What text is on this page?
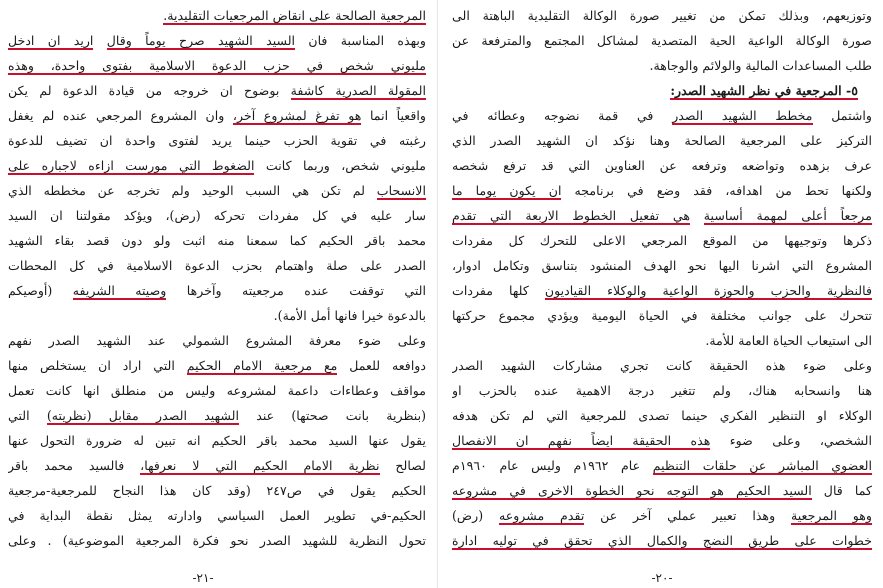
المرجعية الصالحة على انقاض المرجعيات التقليدية.
وبهذه المناسبة فان السيد الشهيد صرح يوماً وقال اريد ان ادخل
مليوني شخص في حزب الدعوة الاسلامية بفتوى واحدة، وهذه
المقولة الصدرية كاشفة بوضوح ان خروجه من قيادة الدعوة لم يكن
واقعياً انما هو تفرغ لمشروع آخر، وان المشروع المرجعي عنده لم يغفل
رغبته في تقوية الحزب حينما يريد لفتوى واحدة ان تضيف للدعوة
مليوني شخص، وربما كانت الضغوط التي مورست ازاءه لاجباره على
الانسحاب لم تكن هي السبب الوحيد ولم تخرجه عن مخططه الذي
سار عليه في كل مفردات تحركه (رض)، ويؤكد مقولتنا ان السيد
محمد باقر الحكيم كما سمعنا منه اثبت ولو دون قصد بقاء الشهيد
الصدر على صلة واهتمام بحزب الدعوة الاسلامية في كل المحطات
التي توقفت عنده مرجعيته وآخرها وصيته الشريفه (أوصيكم
بالدعوة خيرا فانها أمل الأمة).
وعلى ضوء معرفة المشروع الشمولي عند الشهيد الصدر نفهم
دوافعه للعمل مع مرجعية الامام الحكيم التي اراد ان يستخلص منها
مواقف وعطاءات داعمة لمشروعه وليس من منطلق انها كانت تعمل
(بنظرية بانت صحتها) عند الشهيد الصدر مقابل (نظريته) التي
يقول عنها السيد محمد باقر الحكيم انه تبين له ضرورة التحول عنها
لصالح نظرية الامام الحكيم التي لا نعرفها، فالسيد محمد باقر
الحكيم يقول في ص٢٤٧ (وقد كان هذا النجاح للمرجعية-مرجعية
الحكيم-في تطوير العمل السياسي وادارته يمثل نقطة البداية في
تحول النظرية للشهيد الصدر نحو فكرة المرجعية الموضوعية) . وعلى
-٢١-
وتوزيعهم، وبذلك تمكن من تغيير صورة الوكالة التقليدية الباهتة الى
صورة الوكالة الواعية الحية المتصدية لمشاكل المجتمع والمترفعة عن
طلب المساعدات المالية والولائم والوجاهة.
٥- المرجعية في نظر الشهيد الصدر:
واشتمل مخطط الشهيد الصدر في قمة نضوجه وعطائه في
التركيز على المرجعية الصالحة وهنا نؤكد ان الشهيد الصدر الذي
عرف بزهده وتواضعه وترفعه عن العناوين التي قد ترفع شخصه
ولكنها تحط من اهدافه، فقد وضع في برنامجه ان يكون يوما ما
مرجعاً أعلى لمهمة أساسية هي تفعيل الخطوط الاربعة التي تقدم
ذكرها وتوجيهها من الموقع المرجعي الاعلى للتحرك كل مفردات
المشروع التي اشرنا اليها نحو الهدف المنشود بتناسق وتكامل ادوار،
فالنظرية والحزب والحوزة الواعية والوكلاء القياديون كلها مفردات
تتحرك على جوانب مختلفة في الحياة اليومية ويؤدي مجموع حركتها
الى استيعاب الحياة العامة للأمة.
وعلى ضوء هذه الحقيقة كانت تجري مشاركات الشهيد الصدر
هنا وانسحابه هناك، ولم تتغير درجة الاهمية عنده بالحزب او
الوكلاء او التنظير الفكري حينما تصدى للمرجعية التي لم تكن هدفه
الشخصي، وعلى ضوء هذه الحقيقة ايضاً نفهم ان الانفصال
العضوي المباشر عن حلقات التنظيم عام ١٩٦٢م وليس عام ١٩٦٠م
كما قال السيد الحكيم هو التوجه نحو الخطوة الاخرى في مشروعه
وهو المرجعية وهذا تعبير عملي آخر عن تقدم مشروعه (رض)
خطوات على طريق النضج والكمال الذي تحقق في توليه ادارة
-٢٠-
